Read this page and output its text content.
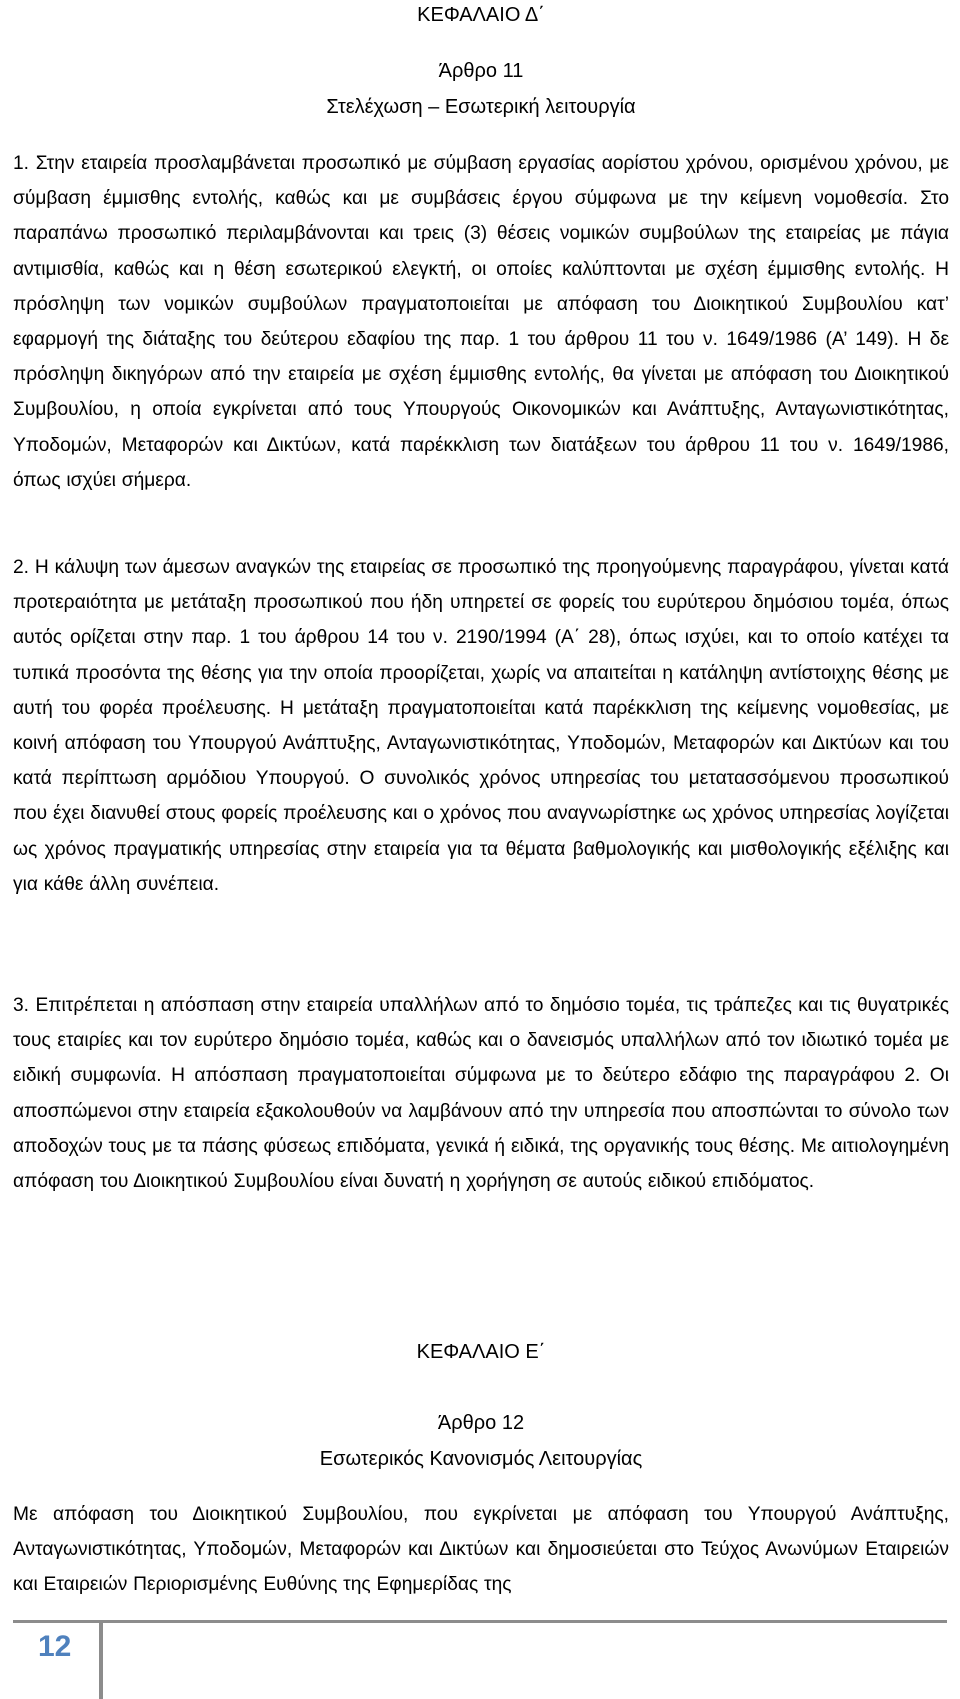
ΚΕΦΑΛΑΙΟ Δ΄

Άρθρο 11

Στελέχωση – Εσωτερική λειτουργία

1. Στην εταιρεία προσλαμβάνεται προσωπικό με σύμβαση εργασίας αορίστου χρόνου, ορισμένου χρόνου, με σύμβαση έμμισθης εντολής, καθώς και με συμβάσεις έργου σύμφωνα με την κείμενη νομοθεσία. Στο παραπάνω προσωπικό περιλαμβάνονται και τρεις (3) θέσεις νομικών συμβούλων της εταιρείας με πάγια αντιμισθία, καθώς και η θέση εσωτερικού ελεγκτή, οι οποίες καλύπτονται με σχέση έμμισθης εντολής. Η πρόσληψη των νομικών συμβούλων πραγματοποιείται με απόφαση του Διοικητικού Συμβουλίου κατ’ εφαρμογή της διάταξης του δεύτερου εδαφίου της παρ. 1 του άρθρου 11 του ν. 1649/1986 (Α’ 149). Η δε πρόσληψη δικηγόρων από την εταιρεία με σχέση έμμισθης εντολής, θα γίνεται με απόφαση του Διοικητικού Συμβουλίου, η οποία εγκρίνεται από τους Υπουργούς Οικονομικών και Ανάπτυξης, Ανταγωνιστικότητας, Υποδομών, Μεταφορών και Δικτύων, κατά παρέκκλιση των διατάξεων του άρθρου 11 του ν. 1649/1986, όπως ισχύει σήμερα.

2. Η κάλυψη των άμεσων αναγκών της εταιρείας σε προσωπικό της προηγούμενης παραγράφου, γίνεται κατά προτεραιότητα με μετάταξη προσωπικού που ήδη υπηρετεί σε φορείς του ευρύτερου δημόσιου τομέα, όπως αυτός ορίζεται στην παρ. 1 του άρθρου 14 του ν. 2190/1994 (Α΄ 28), όπως ισχύει, και το οποίο κατέχει τα τυπικά προσόντα της θέσης για την οποία προορίζεται, χωρίς να απαιτείται η κατάληψη αντίστοιχης θέσης με αυτή του φορέα προέλευσης. Η μετάταξη πραγματοποιείται κατά παρέκκλιση της κείμενης νομοθεσίας, με κοινή απόφαση του Υπουργού Ανάπτυξης, Ανταγωνιστικότητας, Υποδομών, Μεταφορών και Δικτύων και του κατά περίπτωση αρμόδιου Υπουργού. Ο συνολικός χρόνος υπηρεσίας του μετατασσόμενου προσωπικού που έχει διανυθεί στους φορείς προέλευσης και ο χρόνος που αναγνωρίστηκε ως χρόνος υπηρεσίας λογίζεται ως χρόνος πραγματικής υπηρεσίας στην εταιρεία για τα θέματα βαθμολογικής και μισθολογικής εξέλιξης και για κάθε άλλη συνέπεια.

3. Επιτρέπεται η απόσπαση στην εταιρεία υπαλλήλων από το δημόσιο τομέα, τις τράπεζες και τις θυγατρικές τους εταιρίες και τον ευρύτερο δημόσιο τομέα, καθώς και ο δανεισμός υπαλλήλων από τον ιδιωτικό τομέα με ειδική συμφωνία. Η απόσπαση πραγματοποιείται σύμφωνα με το δεύτερο εδάφιο της παραγράφου 2. Οι αποσπώμενοι στην εταιρεία εξακολουθούν να λαμβάνουν από την υπηρεσία που αποσπώνται το σύνολο των αποδοχών τους με τα πάσης φύσεως επιδόματα, γενικά ή ειδικά, της οργανικής τους θέσης. Με αιτιολογημένη απόφαση του Διοικητικού Συμβουλίου είναι δυνατή η χορήγηση σε αυτούς ειδικού επιδόματος.

ΚΕΦΑΛΑΙΟ Ε΄

Άρθρο 12

Εσωτερικός Κανονισμός Λειτουργίας

Με απόφαση του Διοικητικού Συμβουλίου, που εγκρίνεται με απόφαση του Υπουργού Ανάπτυξης, Ανταγωνιστικότητας, Υποδομών, Μεταφορών και Δικτύων και δημοσιεύεται στο Τεύχος Ανωνύμων Εταιρειών και Εταιρειών Περιορισμένης Ευθύνης της Εφημερίδας της

12
